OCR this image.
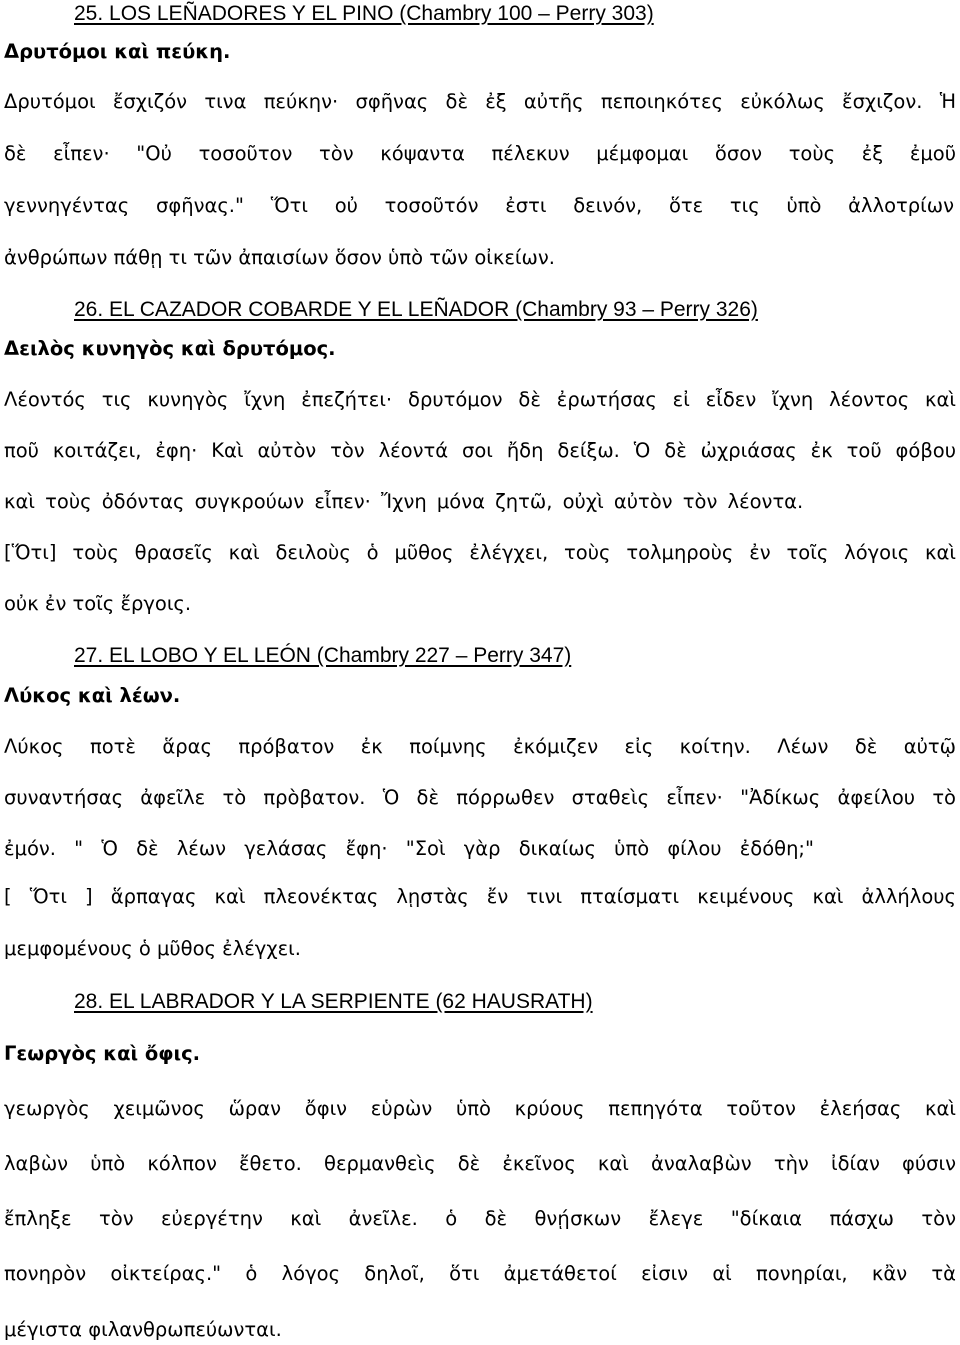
25. LOS LEÑADORES Y EL PINO (Chambry 100 – Perry 303)
Δρυτόμοι καὶ πεύκη.
Δρυτόμοι ἔσχιζόν τινα πεύκην· σφῆνας δὲ ἐξ αὐτῆς πεποιηκότες εὐκόλως ἔσχιζον. Ἡ
δὲ εἶπεν· "Οὐ τοσοῦτον τὸν κόψαντα πέλεκυν μέμφομαι ὅσον τοὺς ἐξ ἐμοῦ
γεννηγέντας σφῆνας." Ὅτι οὐ τοσοῦτόν ἐστι δεινόν, ὅτε τις ὑπὸ ἀλλοτρίων
ἀνθρώπων πάθῃ τι τῶν ἀπαισίων ὅσον ὑπὸ τῶν οἰκείων.
26. EL CAZADOR COBARDE Y EL LEÑADOR (Chambry 93 – Perry 326)
Δειλὸς κυνηγὸς καὶ δρυτόμος.
Λέοντός τις κυνηγὸς ἴχνη ἐπεζήτει· δρυτόμον δὲ ἐρωτήσας εἰ εἶδεν ἴχνη λέοντος καὶ
ποῦ κοιτάζει, ἐφη· Καὶ αὐτὸν τὸν λέοντά σοι ἤδη δείξω. Ὁ δὲ ὠχριάσας ἐκ τοῦ φόβου
καὶ τοὺς ὀδόντας συγκρούων εἶπεν· Ἴχνη μόνα ζητῶ, οὐχὶ αὐτὸν τὸν λέοντα.
[Ὅτι] τοὺς θρασεῖς καὶ δειλοὺς ὁ μῦθος ἐλέγχει, τοὺς τολμηροὺς ἐν τοῖς λόγοις καὶ
οὐκ ἐν τοῖς ἔργοις.
27. EL LOBO Y EL LEÓN (Chambry 227 – Perry 347)
Λύκος καὶ λέων.
Λύκος ποτὲ ἅρας πρόβατον ἐκ ποίμνης ἐκόμιζεν εἰς κοίτην. Λέων δὲ αὐτῷ
συναντήσας ἀφεῖλε τὸ πρὸβατον. Ὁ δὲ πόρρωθεν σταθεὶς εἶπεν· "Ἀδίκως ἀφείλου τὸ
ἐμόν. " Ὁ δὲ λέων γελάσας ἔφη· "Σοὶ γὰρ δικαίως ὑπὸ φίλου ἐδόθη;"
[ Ὅτι ] ἅρπαγας καὶ πλεονέκτας λῃστὰς ἔν τινι πταίσματι κειμένους καὶ ἀλλήλους
μεμφομένους ὁ μῦθος ἐλέγχει.
28. EL LABRADOR Y LA SERPIENTE (62 HAUSRATH)
Γεωργὸς καὶ ὄφις.
γεωργὸς χειμῶνος ὥραν ὄφιν εὑρὼν ὑπὸ κρύους πεπηγότα τοῦτον ἐλεήσας καὶ
λαβὼν ὑπὸ κόλπον ἔθετο. θερμανθεὶς δὲ ἐκεῖνος καὶ ἀναλαβὼν τὴν ἰδίαν φύσιν
ἔπληξε τὸν εὐεργέτην καὶ ἀνεῖλε. ὁ δὲ θνῄσκων ἔλεγε "δίκαια πάσχω τὸν
πονηρὸν οἰκτείρας." ὁ λόγος δηλοῖ, ὅτι ἀμετάθετοί εἰσιν αἱ πονηρίαι, κἂν τὰ
μέγιστα φιλανθρωπεύωνται.
